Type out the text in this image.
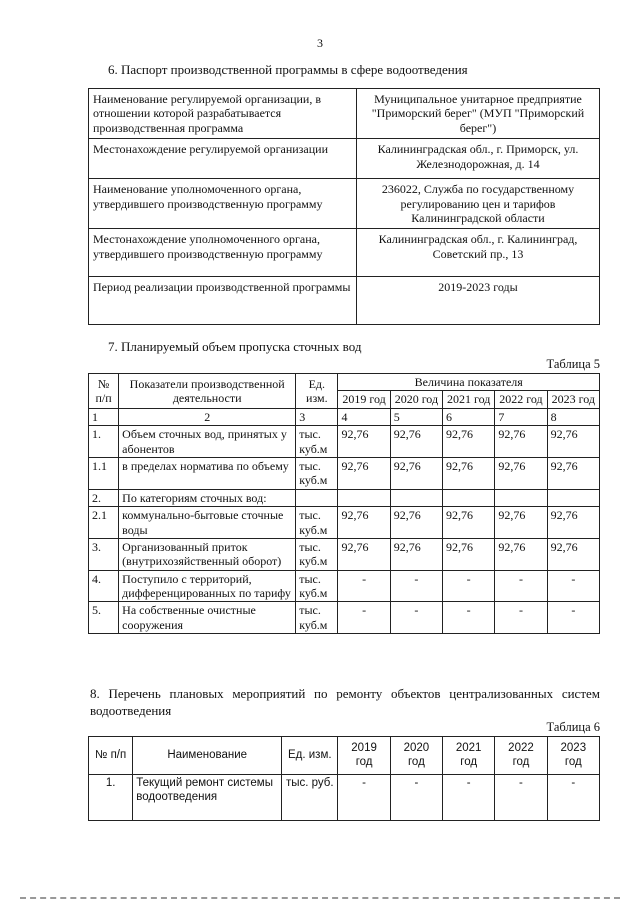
3
6. Паспорт производственной программы в сфере водоотведения
Наименование регулируемой организации, в отношении которой разрабатывается производственная программа	Муниципальное унитарное предприятие "Приморский берег" (МУП "Приморский берег")
Местонахождение регулируемой организации	Калининградская обл., г. Приморск, ул. Железнодорожная, д. 14
Наименование уполномоченного органа, утвердившего производственную программу	236022, Служба по государственному регулированию цен и тарифов Калининградской области
Местонахождение уполномоченного органа, утвердившего производственную программу	Калининградская обл., г. Калининград, Советский пр., 13
Период реализации производственной программы	2019-2023 годы
7. Планируемый объем пропуска сточных вод
Таблица 5
№ п/п	Показатели производственной деятельности	Ед. изм.	Величина показателя				
			2019 год	2020 год	2021 год	2022 год	2023 год
1	2	3	4	5	6	7	8
1.	Объем сточных вод, принятых у абонентов	тыс. куб.м	92,76	92,76	92,76	92,76	92,76
1.1	в пределах норматива по объему	тыс. куб.м	92,76	92,76	92,76	92,76	92,76
2.	По категориям сточных вод:						
2.1	коммунально-бытовые сточные воды	тыс. куб.м	92,76	92,76	92,76	92,76	92,76
3.	Организованный приток (внутрихозяйственный оборот)	тыс. куб.м	92,76	92,76	92,76	92,76	92,76
4.	Поступило с территорий, дифференцированных по тарифу	тыс. куб.м	-	-	-	-	-
5.	На собственные очистные сооружения	тыс. куб.м	-	-	-	-	-
8. Перечень плановых мероприятий по ремонту объектов централизованных систем водоотведения
Таблица 6
№ п/п	Наименование	Ед. изм.	2019 год	2020 год	2021 год	2022 год	2023 год
1.	Текущий ремонт системы водоотведения	тыс. руб.	-	-	-	-	-
